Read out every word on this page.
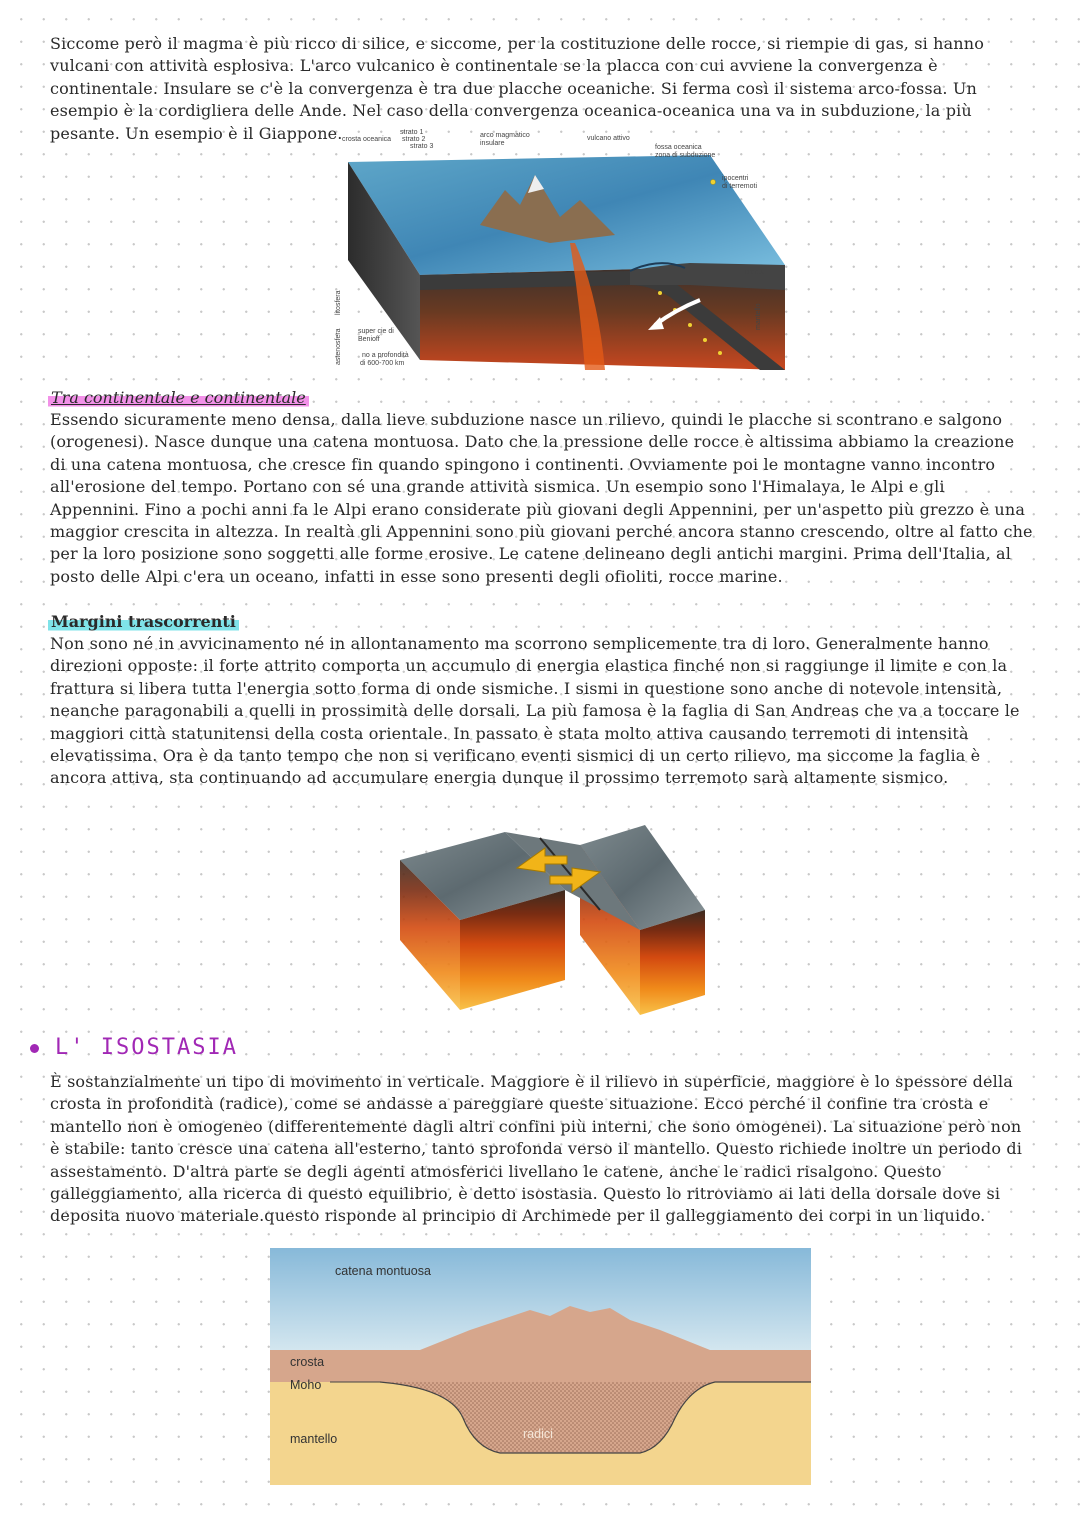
Siccome però il magma è più ricco di silice, e siccome, per la costituzione delle rocce, si riempie di gas, si hanno vulcani con attività esplosiva. L'arco vulcanico è continentale se la placca con cui avviene la convergenza è continentale. Insulare se c'è la convergenza è tra due placche oceaniche. Si ferma così il sistema arco-fossa. Un esempio è la cordigliera delle Ande. Nel caso della convergenza oceanica-oceanica una va in subduzione, la più pesante. Un esempio è il Giappone. crosta oceanica
strato 1
strato 2
strato 3
arco magmatico
insulare
vulcano attivo
fossa oceanica
zona di subduzione
ipocentri
di terremoti
crosta
mantello
litosfera
astenosfera super cie di
Benioff
no a profondità
di 600-700 km
Tra continentale e continentale

Essendo sicuramente meno densa, dalla lieve subduzione nasce un rilievo, quindi le placche si scontrano e salgono (orogenesi). Nasce dunque una catena montuosa. Dato che la pressione delle rocce è altissima abbiamo la creazione di una catena montuosa, che cresce fin quando spingono i continenti. Ovviamente poi le montagne vanno incontro all'erosione del tempo. Portano con sé una grande attività sismica. Un esempio sono l'Himalaya, le Alpi e gli Appennini. Fino a pochi anni fa le Alpi erano considerate più giovani degli Appennini, per un'aspetto più grezzo è una maggior crescita in altezza. In realtà gli Appennini sono più giovani perché ancora stanno crescendo, oltre al fatto che per la loro posizione sono soggetti alle forme erosive. Le catene delineano degli antichi margini. Prima dell'Italia, al posto delle Alpi c'era un oceano, infatti in esse sono presenti degli ofioliti, rocce marine.

Margini trascorrenti

Non sono né in avvicinamento né in allontanamento ma scorrono semplicemente tra di loro. Generalmente hanno direzioni opposte: il forte attrito comporta un accumulo di energia elastica finché non si raggiunge il limite e con la frattura si libera tutta l'energia sotto forma di onde sismiche. I sismi in questione sono anche di notevole intensità, neanche paragonabili a quelli in prossimità delle dorsali. La più famosa è la faglia di San Andreas che va a toccare le maggiori città statunitensi della costa orientale. In passato è stata molto attiva causando terremoti di intensità elevatissima. Ora è da tanto tempo che non si verificano eventi sismici di un certo rilievo, ma siccome la faglia è ancora attiva, sta continuando ad accumulare energia dunque il prossimo terremoto sarà altamente sismico.

L' ISOSTASIA

È sostanzialmente un tipo di movimento in verticale. Maggiore è il rilievo in superficie, maggiore è lo spessore della crosta in profondità (radice), come se andasse a pareggiare queste situazione. Ecco perché il confine tra crosta e mantello non è omogeneo (differentemente dagli altri confini più interni, che sono omogenei). La situazione però non è stabile: tanto cresce una catena all'esterno, tanto sprofonda verso il mantello. Questo richiede inoltre un periodo di assestamento. D'altra parte se degli agenti atmosferici livellano le catene, anche le radici risalgono. Questo galleggiamento, alla ricerca di questo equilibrio, è detto isostasia. Questo lo ritroviamo ai lati della dorsale dove si deposita nuovo materiale.questo risponde al principio di Archimede per il galleggiamento dei corpi in un liquido.

catena montuosa
crosta
Moho
mantello	radici
